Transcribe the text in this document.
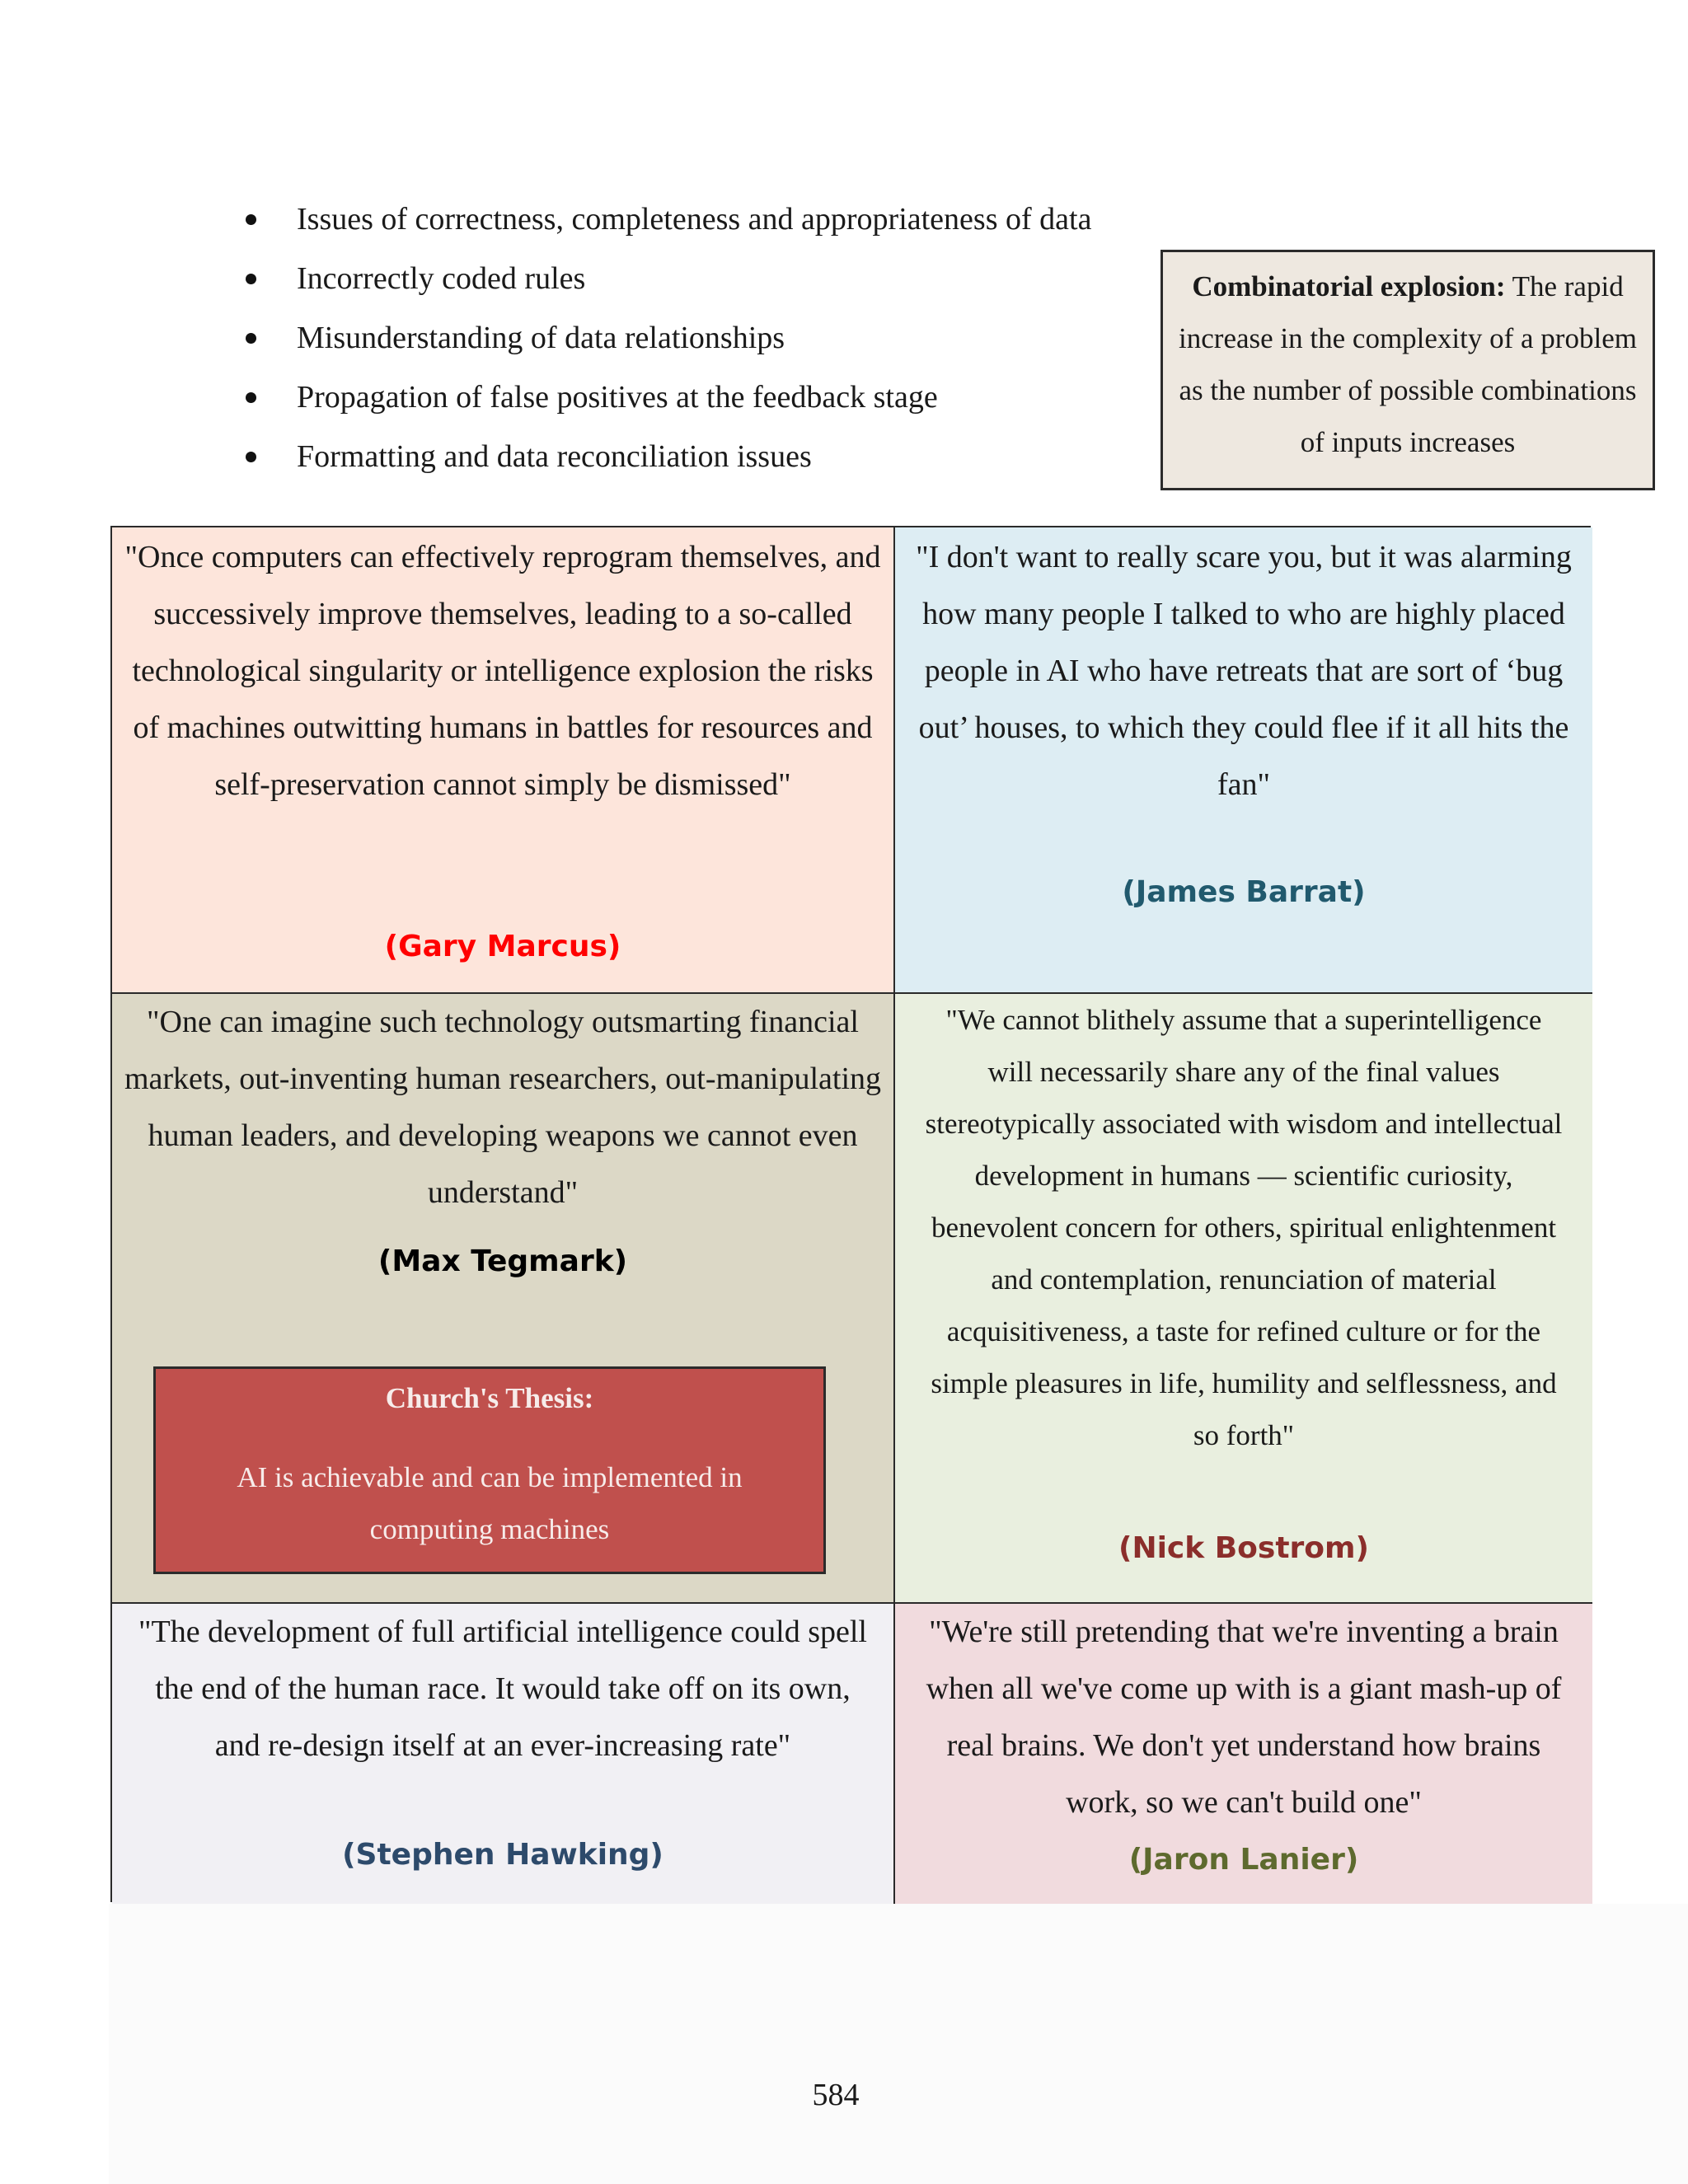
Issues of correctness, completeness and appropriateness of data
Incorrectly coded rules
Misunderstanding of data relationships
Propagation of false positives at the feedback stage
Formatting and data reconciliation issues
Combinatorial explosion: The rapid increase in the complexity of a problem as the number of possible combinations of inputs increases
"Once computers can effectively reprogram themselves, and successively improve themselves, leading to a so-called technological singularity or intelligence explosion the risks of machines outwitting humans in battles for resources and self-preservation cannot simply be dismissed"
(Gary Marcus)
"I don't want to really scare you, but it was alarming how many people I talked to who are highly placed people in AI who have retreats that are sort of ‘bug out’ houses, to which they could flee if it all hits the fan"
(James Barrat)
"One can imagine such technology outsmarting financial markets, out-inventing human researchers, out-manipulating human leaders, and developing weapons we cannot even understand"
(Max Tegmark)
Church's Thesis:
AI is achievable and can be implemented in computing machines
"We cannot blithely assume that a superintelligence will necessarily share any of the final values stereotypically associated with wisdom and intellectual development in humans — scientific curiosity, benevolent concern for others, spiritual enlightenment and contemplation, renunciation of material acquisitiveness, a taste for refined culture or for the simple pleasures in life, humility and selflessness, and so forth"
(Nick Bostrom)
"The development of full artificial intelligence could spell the end of the human race. It would take off on its own, and re-design itself at an ever-increasing rate"
(Stephen Hawking)
"We're still pretending that we're inventing a brain when all we've come up with is a giant mash-up of real brains. We don't yet understand how brains work, so we can't build one"
(Jaron Lanier)
584
